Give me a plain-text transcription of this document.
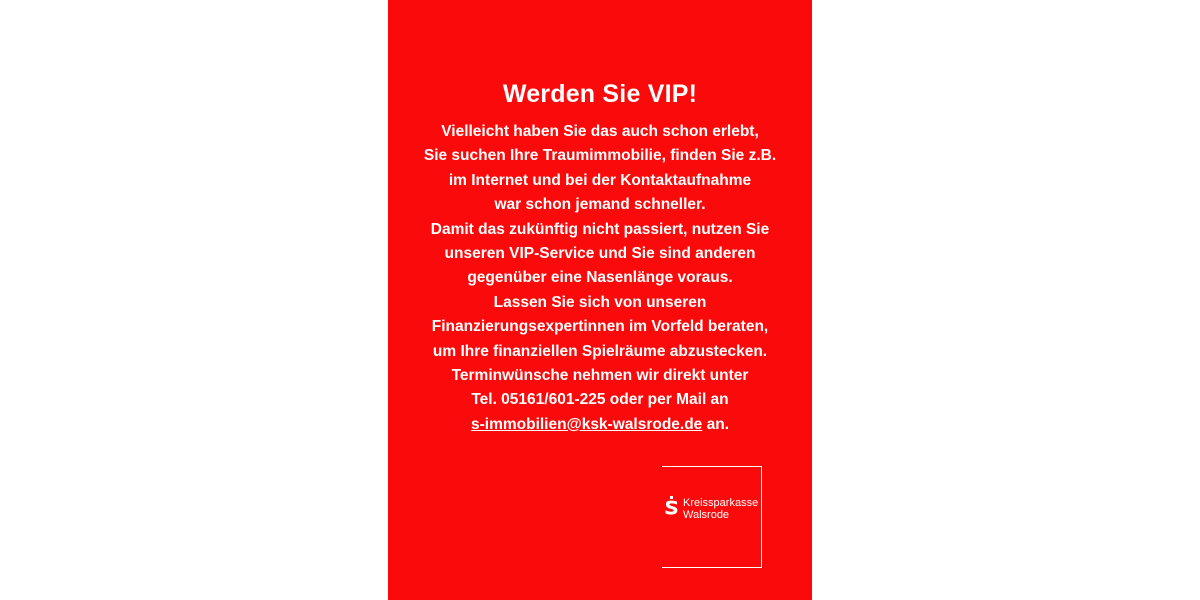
Werden Sie VIP!

Vielleicht haben Sie das auch schon erlebt,

Sie suchen Ihre Traumimmobilie, finden Sie z.B. im Internet und bei der Kontaktaufnahme

war schon jemand schneller.

Damit das zukünftig nicht passiert, nutzen Sie

unseren VIP-Service und Sie sind anderen

gegenüber eine Nasenlänge voraus.

Lassen Sie sich von unseren

Finanzierungsexpertinnen im Vorfeld beraten,

um Ihre finanziellen Spielräume abzustecken.

Terminwünsche nehmen wir direkt unter

Tel. 05161/601-225 oder per Mail an

s-immobilien@ksk-walsrode.de an.

Kreissparkasse
Walsrode
